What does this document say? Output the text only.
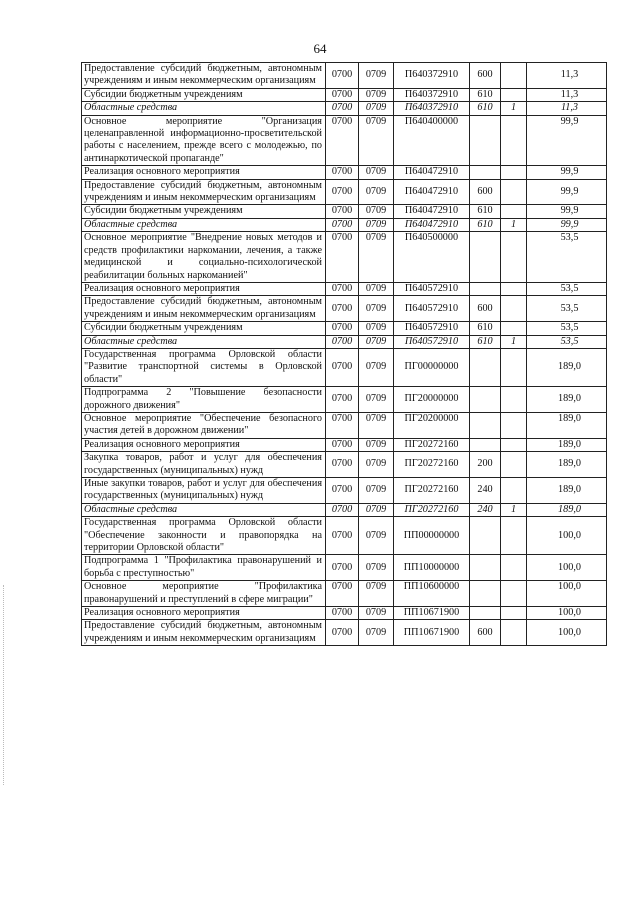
64
Предоставление субсидий бюджетным, автономным учреждениям и иным некоммерческим организациям	0700	0709	П640372910	600		11,3
Субсидии бюджетным учреждениям	0700	0709	П640372910	610		11,3
Областные средства	0700	0709	П640372910	610	1	11,3
Основное мероприятие "Организация целенаправленной информационно-просветительской работы с населением, прежде всего с молодежью, по антинаркотической пропаганде"	0700	0709	П640400000			99,9
Реализация основного мероприятия	0700	0709	П640472910			99,9
Предоставление субсидий бюджетным, автономным учреждениям и иным некоммерческим организациям	0700	0709	П640472910	600		99,9
Субсидии бюджетным учреждениям	0700	0709	П640472910	610		99,9
Областные средства	0700	0709	П640472910	610	1	99,9
Основное мероприятие "Внедрение новых методов и средств профилактики наркомании, лечения, а также медицинской и социально-психологической реабилитации больных наркоманией"	0700	0709	П640500000			53,5
Реализация основного мероприятия	0700	0709	П640572910			53,5
Предоставление субсидий бюджетным, автономным учреждениям и иным некоммерческим организациям	0700	0709	П640572910	600		53,5
Субсидии бюджетным учреждениям	0700	0709	П640572910	610		53,5
Областные средства	0700	0709	П640572910	610	1	53,5
Государственная программа Орловской области "Развитие транспортной системы в Орловской области"	0700	0709	ПГ00000000			189,0
Подпрограмма 2 "Повышение безопасности дорожного движения"	0700	0709	ПГ20000000			189,0
Основное мероприятие "Обеспечение безопасного участия детей в дорожном движении"	0700	0709	ПГ20200000			189,0
Реализация основного мероприятия	0700	0709	ПГ20272160			189,0
Закупка товаров, работ и услуг для обеспечения государственных (муниципальных) нужд	0700	0709	ПГ20272160	200		189,0
Иные закупки товаров, работ и услуг для обеспечения государственных (муниципальных) нужд	0700	0709	ПГ20272160	240		189,0
Областные средства	0700	0709	ПГ20272160	240	1	189,0
Государственная программа Орловской области "Обеспечение законности и правопорядка на территории Орловской области"	0700	0709	ПП00000000			100,0
Подпрограмма 1 "Профилактика правонарушений и борьба с преступностью"	0700	0709	ПП10000000			100,0
Основное мероприятие "Профилактика правонарушений и преступлений в сфере миграции"	0700	0709	ПП10600000			100,0
Реализация основного мероприятия	0700	0709	ПП10671900			100,0
Предоставление субсидий бюджетным, автономным учреждениям и иным некоммерческим организациям	0700	0709	ПП10671900	600		100,0
